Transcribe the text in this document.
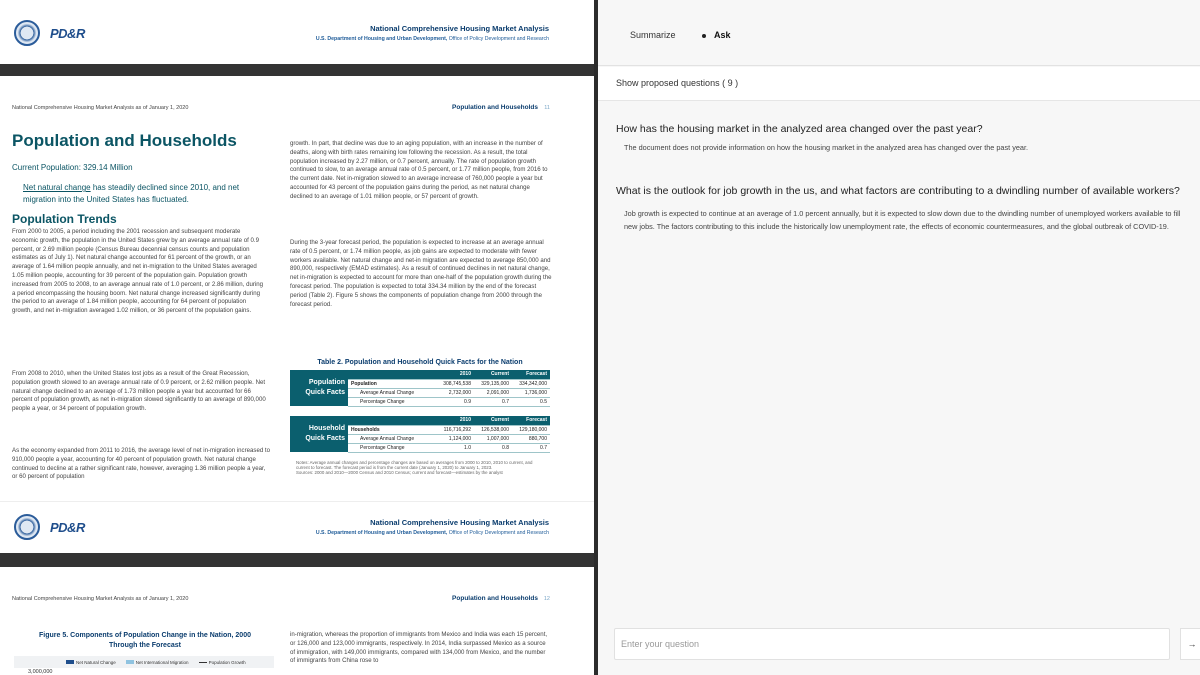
PD&R	National Comprehensive Housing Market Analysis
U.S. Department of Housing and Urban Development, Office of Policy Development and Research
National Comprehensive Housing Market Analysis as of January 1, 2020	Population and Households 11
Population and Households
Current Population: 329.14 Million
Net natural change has steadily declined since 2010, and net migration into the United States has fluctuated.
Population Trends
From 2000 to 2005, a period including the 2001 recession and subsequent moderate economic growth, the population in the United States grew by an average annual rate of 0.9 percent, or 2.69 million people (Census Bureau decennial census counts and population estimates as of July 1). Net natural change accounted for 61 percent of the growth, or an average of 1.64 million people annually, and net in-migration to the United States averaged 1.05 million people, accounting for 39 percent of the population gain. Population growth increased from 2005 to 2008, to an average annual rate of 1.0 percent, or 2.86 million, during a period encompassing the housing boom. Net natural change increased significantly during the period to an average of 1.84 million people, accounting for 64 percent of population growth, and net in-migration averaged 1.02 million, or 36 percent of the population gains.
From 2008 to 2010, when the United States lost jobs as a result of the Great Recession, population growth slowed to an average annual rate of 0.9 percent, or 2.62 million people. Net natural change declined to an average of 1.73 million people a year but accounted for 66 percent of population growth, as net in-migration slowed significantly to an average of 890,000 people a year, or 34 percent of population growth.
As the economy expanded from 2011 to 2016, the average level of net in-migration increased to 910,000 people a year, accounting for 40 percent of population growth. Net natural change continued to decline at a rather significant rate, however, averaging 1.36 million people a year, or 60 percent of population
growth. In part, that decline was due to an aging population, with an increase in the number of deaths, along with birth rates remaining low following the recession. As a result, the total population increased by 2.27 million, or 0.7 percent, annually. The rate of population growth continued to slow, to an average annual rate of 0.5 percent, or 1.77 million people, from 2016 to the current date. Net in-migration slowed to an average increase of 760,000 people a year but accounted for 43 percent of the population gains during the period, as net natural change declined to an average of 1.01 million people, or 57 percent of growth.
During the 3-year forecast period, the population is expected to increase at an average annual rate of 0.5 percent, or 1.74 million people, as job gains are expected to moderate with fewer workers available. Net natural change and net-in migration are expected to average 850,000 and 890,000, respectively (EMAD estimates). As a result of continued declines in net natural change, net in-migration is expected to account for more than one-half of the population growth during the forecast period. The population is expected to total 334.34 million by the end of the forecast period (Table 2). Figure 5 shows the components of population change from 2000 through the forecast period.
Table 2. Population and Household Quick Facts for the Nation
Population Quick Facts		2010	Current	Forecast
	Population	308,745,538	329,135,000	334,342,000
	Average Annual Change	2,732,000	2,091,000	1,736,000
	Percentage Change	0.9	0.7	0.5
Household Quick Facts		2010	Current	Forecast
	Households	116,716,292	126,538,000	129,180,000
	Average Annual Change	1,124,000	1,007,000	880,700
	Percentage Change	1.0	0.8	0.7
Notes: Average annual changes and percentage changes are based on averages from 2000 to 2010, 2010 to current, and current to forecast. The forecast period is from the current date (January 1, 2020) to January 1, 2023.
Sources: 2000 and 2010—2000 Census and 2010 Census; current and forecast—estimates by the analyst
PD&R	National Comprehensive Housing Market Analysis
U.S. Department of Housing and Urban Development, Office of Policy Development and Research
National Comprehensive Housing Market Analysis as of January 1, 2020	Population and Households 12
Figure 5. Components of Population Change in the Nation, 2000 Through the Forecast
Net Natural Change	Net International Migration	Population Growth
3,000,000
in-migration, whereas the proportion of immigrants from Mexico and India was each 15 percent, or 126,000 and 123,000 immigrants, respectively. In 2014, India surpassed Mexico as a source of immigration, with 149,000 immigrants, compared with 134,000 from Mexico, and the number of immigrants from China rose to
Summarize	Ask
Show proposed questions ( 9 )
How has the housing market in the analyzed area changed over the past year?
The document does not provide information on how the housing market in the analyzed area has changed over the past year.
What is the outlook for job growth in the us, and what factors are contributing to a dwindling number of available workers?
Job growth is expected to continue at an average of 1.0 percent annually, but it is expected to slow down due to the dwindling number of unemployed workers available to fill new jobs. The factors contributing to this include the historically low unemployment rate, the effects of economic countermeasures, and the global outbreak of COVID-19.
Enter your question
→
